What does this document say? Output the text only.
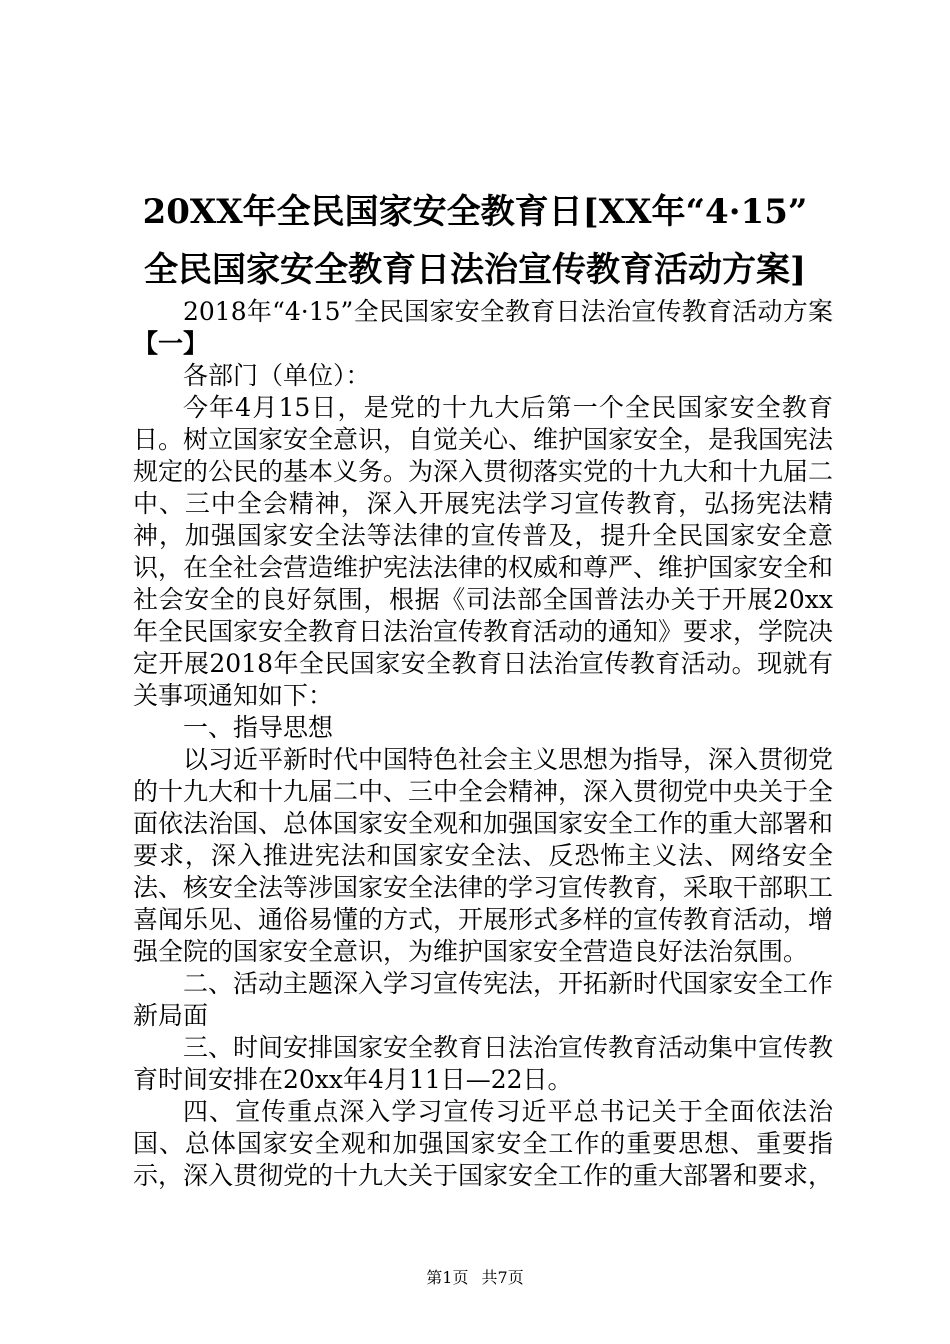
20XX年全民国家安全教育日[XX年“4·15”
全民国家安全教育日法治宣传教育活动方案]

2018年“4·15”全民国家安全教育日法治宣传教育活动方案【一】

各部门（单位）：

今年4月15日，是党的十九大后第一个全民国家安全教育日。树立国家安全意识，自觉关心、维护国家安全，是我国宪法规定的公民的基本义务。为深入贯彻落实党的十九大和十九届二中、三中全会精神，深入开展宪法学习宣传教育，弘扬宪法精神，加强国家安全法等法律的宣传普及，提升全民国家安全意识，在全社会营造维护宪法法律的权威和尊严、维护国家安全和社会安全的良好氛围，根据《司法部全国普法办关于开展20xx年全民国家安全教育日法治宣传教育活动的通知》要求，学院决定开展2018年全民国家安全教育日法治宣传教育活动。现就有关事项通知如下：

一、指导思想

以习近平新时代中国特色社会主义思想为指导，深入贯彻党的十九大和十九届二中、三中全会精神，深入贯彻党中央关于全面依法治国、总体国家安全观和加强国家安全工作的重大部署和要求，深入推进宪法和国家安全法、反恐怖主义法、网络安全法、核安全法等涉国家安全法律的学习宣传教育，采取干部职工喜闻乐见、通俗易懂的方式，开展形式多样的宣传教育活动，增强全院的国家安全意识，为维护国家安全营造良好法治氛围。

二、活动主题深入学习宣传宪法，开拓新时代国家安全工作新局面

三、时间安排国家安全教育日法治宣传教育活动集中宣传教育时间安排在20xx年4月11日—22日。

四、宣传重点深入学习宣传习近平总书记关于全面依法治国、总体国家安全观和加强国家安全工作的重要思想、重要指示，深入贯彻党的十九大关于国家安全工作的重大部署和要求，

第1页 共7页
